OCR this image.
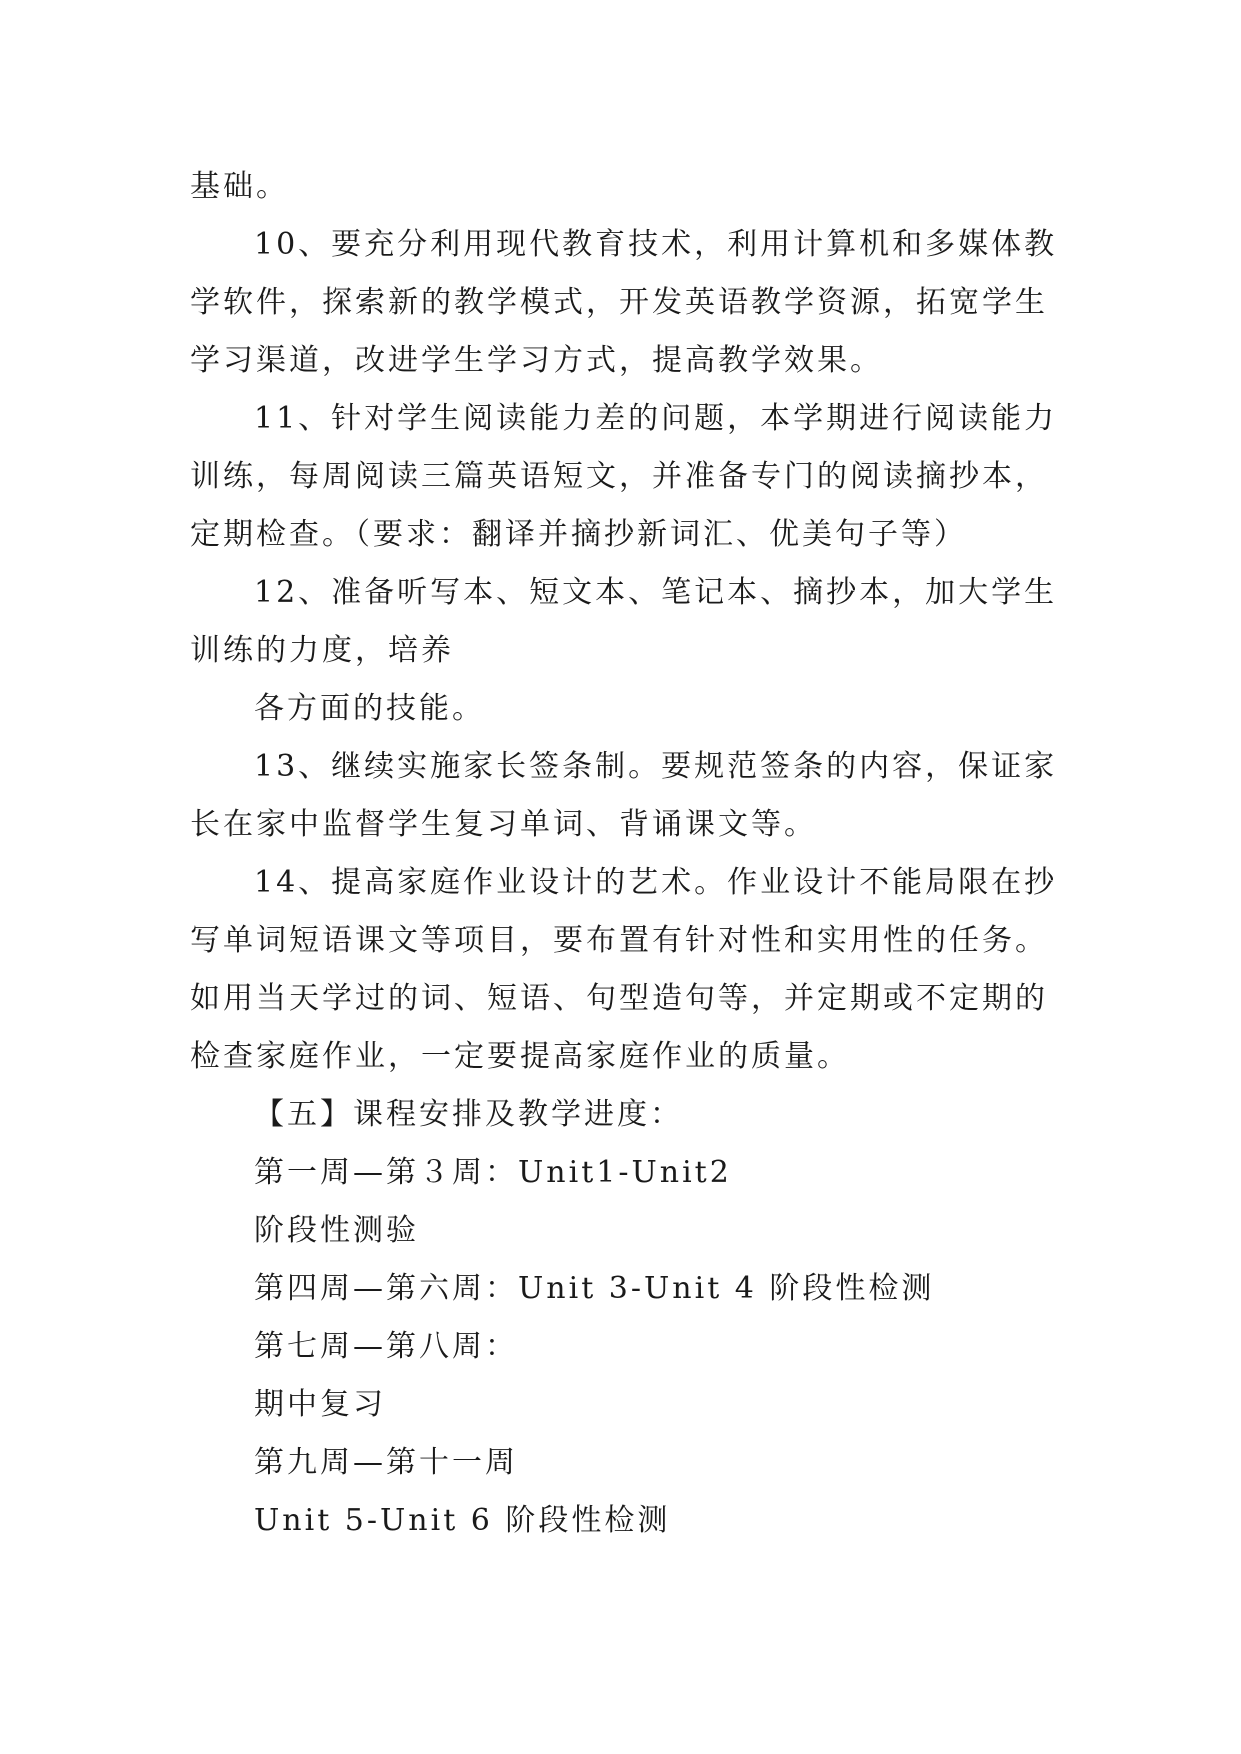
基础。
10、要充分利用现代教育技术，利用计算机和多媒体教
学软件，探索新的教学模式，开发英语教学资源，拓宽学生
学习渠道，改进学生学习方式，提高教学效果。
11、针对学生阅读能力差的问题，本学期进行阅读能力
训练，每周阅读三篇英语短文，并准备专门的阅读摘抄本，
定期检查。（要求：翻译并摘抄新词汇、优美句子等）
12、准备听写本、短文本、笔记本、摘抄本，加大学生
训练的力度，培养
各方面的技能。
13、继续实施家长签条制。要规范签条的内容，保证家
长在家中监督学生复习单词、背诵课文等。
14、提高家庭作业设计的艺术。作业设计不能局限在抄
写单词短语课文等项目，要布置有针对性和实用性的任务。
如用当天学过的词、短语、句型造句等，并定期或不定期的
检查家庭作业，一定要提高家庭作业的质量。
【五】课程安排及教学进度：
第一周—第３周：Unit1-Unit2
阶段性测验
第四周—第六周：Unit 3-Unit 4 阶段性检测
第七周—第八周：
期中复习
第九周—第十一周
Unit 5-Unit 6 阶段性检测
